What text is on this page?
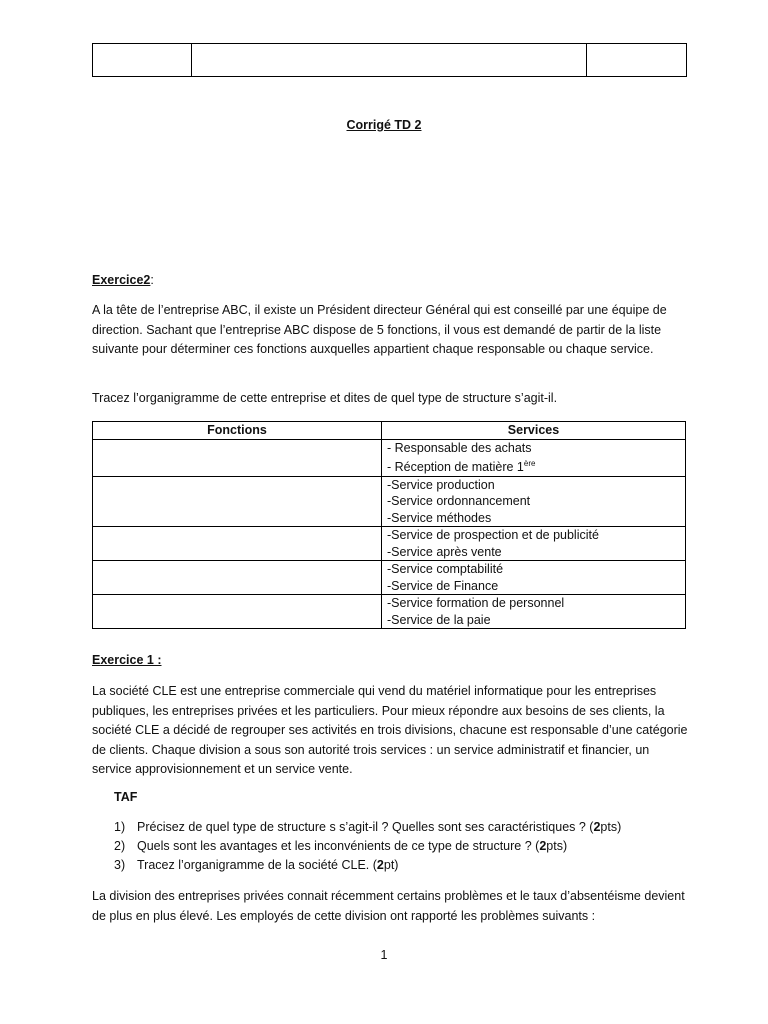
Corrigé TD 2
Exercice2:

A la tête de l’entreprise ABC, il existe un Président directeur Général qui est conseillé par une équipe de direction. Sachant que l’entreprise ABC dispose de 5 fonctions, il vous est demandé de partir de la liste suivante pour déterminer ces fonctions auxquelles appartient chaque responsable ou chaque service.

Tracez l’organigramme de cette entreprise et dites de quel type de structure s’agit-il.

Fonctions	Services

	- Responsable des achats
- Réception de matière 1ère

	-Service production
-Service ordonnancement
-Service méthodes

	-Service de prospection et de publicité
-Service après vente

	-Service comptabilité
-Service de Finance

	-Service formation de personnel
-Service de la paie
Exercice 1 :

La société CLE est une entreprise commerciale qui vend du matériel informatique pour les entreprises publiques, les entreprises privées et les particuliers. Pour mieux répondre aux besoins de ses clients, la société CLE a décidé de regrouper ses activités en trois divisions, chacune est responsable d’une catégorie de clients. Chaque division a sous son autorité trois services : un service administratif et financier, un service approvisionnement et un service vente.

TAF
1) Précisez de quel type de structure s s’agit-il ? Quelles sont ses caractéristiques ? (2pts)
2) Quels sont les avantages et les inconvénients de ce type de structure ? (2pts)
3) Tracez l’organigramme de la société CLE. (2pt)

La division des entreprises privées connait récemment certains problèmes et le taux d’absentéisme devient de plus en plus élevé. Les employés de cette division ont rapporté les problèmes suivants :

1
